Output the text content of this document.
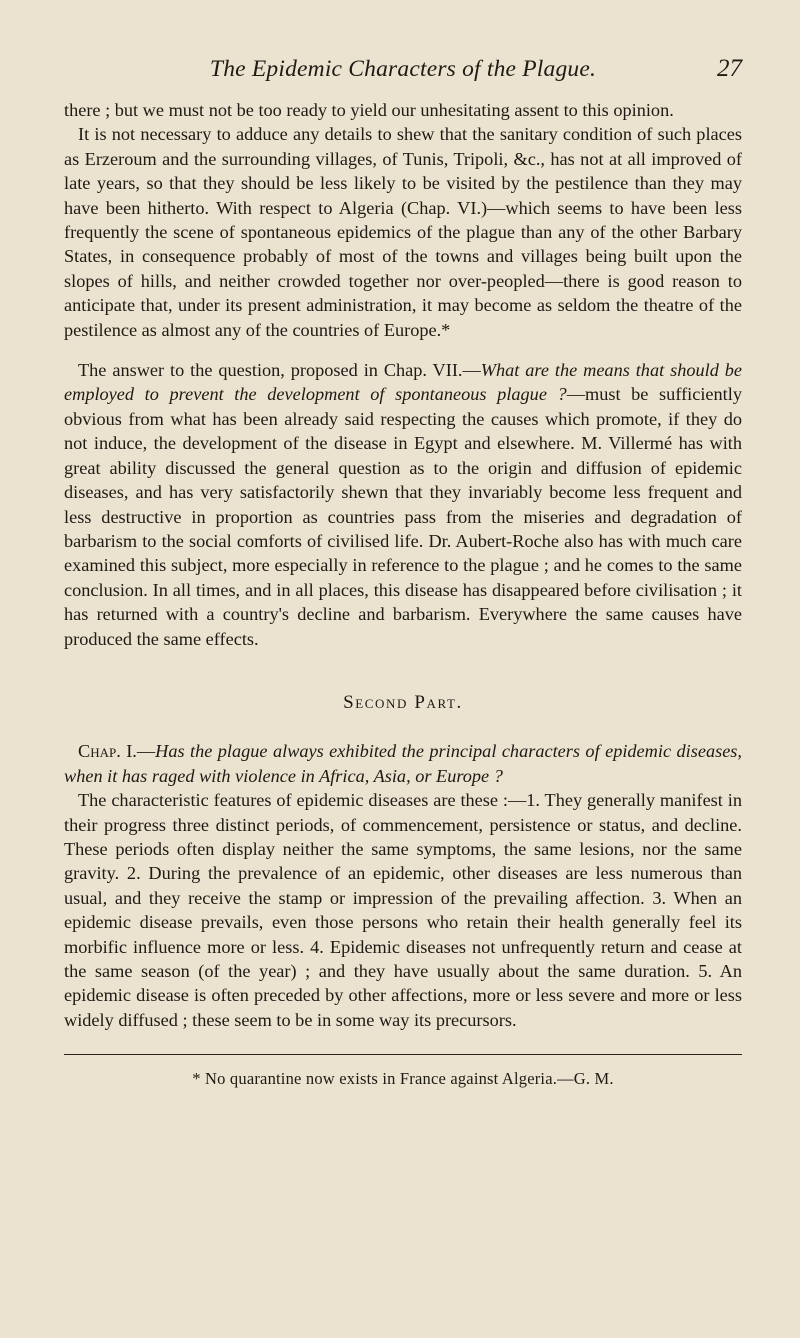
The Epidemic Characters of the Plague.	27

there ; but we must not be too ready to yield our unhesitating assent to this opinion.

It is not necessary to adduce any details to shew that the sanitary condition of such places as Erzeroum and the surrounding villages, of Tunis, Tripoli, &c., has not at all improved of late years, so that they should be less likely to be visited by the pestilence than they may have been hitherto. With respect to Algeria (Chap. VI.)—which seems to have been less frequently the scene of spontaneous epidemics of the plague than any of the other Barbary States, in consequence probably of most of the towns and villages being built upon the slopes of hills, and neither crowded together nor over-peopled—there is good reason to anticipate that, under its present administration, it may become as seldom the theatre of the pestilence as almost any of the countries of Europe.*

The answer to the question, proposed in Chap. VII.—What are the means that should be employed to prevent the development of spontaneous plague ?—must be sufficiently obvious from what has been already said respecting the causes which promote, if they do not induce, the development of the disease in Egypt and elsewhere. M. Villermé has with great ability discussed the general question as to the origin and diffusion of epidemic diseases, and has very satisfactorily shewn that they invariably become less frequent and less destructive in proportion as countries pass from the miseries and degradation of barbarism to the social comforts of civilised life. Dr. Aubert-Roche also has with much care examined this subject, more especially in reference to the plague ; and he comes to the same conclusion. In all times, and in all places, this disease has disappeared before civilisation ; it has returned with a country's decline and barbarism. Everywhere the same causes have produced the same effects.

Second Part.

Chap. I.—Has the plague always exhibited the principal characters of epidemic diseases, when it has raged with violence in Africa, Asia, or Europe ?

The characteristic features of epidemic diseases are these :—1. They generally manifest in their progress three distinct periods, of commencement, persistence or status, and decline. These periods often display neither the same symptoms, the same lesions, nor the same gravity. 2. During the prevalence of an epidemic, other diseases are less numerous than usual, and they receive the stamp or impression of the prevailing affection. 3. When an epidemic disease prevails, even those persons who retain their health generally feel its morbific influence more or less. 4. Epidemic diseases not unfrequently return and cease at the same season (of the year) ; and they have usually about the same duration. 5. An epidemic disease is often preceded by other affections, more or less severe and more or less widely diffused ; these seem to be in some way its precursors.

* No quarantine now exists in France against Algeria.—G. M.
